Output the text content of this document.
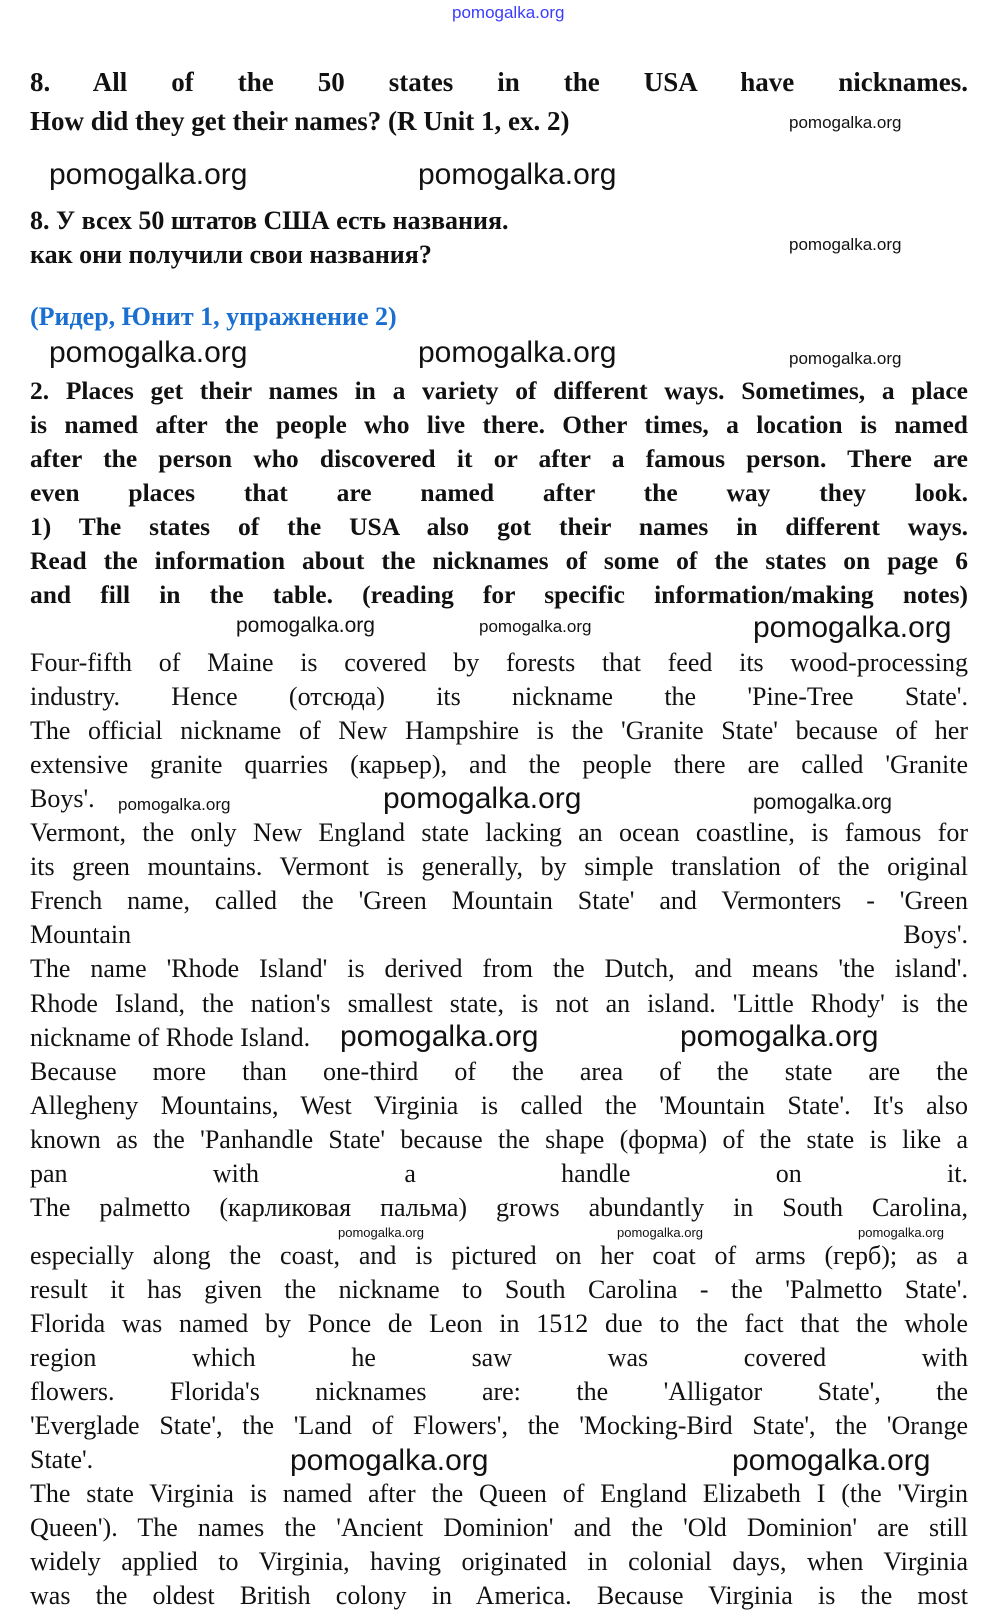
pomogalka.org
8. All of the 50 states in the USA have nicknames.
How did they get their names? (R Unit 1, ex. 2)
8. У всех 50 штатов США есть названия.
как они получили свои названия?
(Ридер, Юнит 1, упражнение 2)
2. Places get their names in a variety of different ways. Sometimes, a place
is named after the people who live there. Other times, a location is named
after the person who discovered it or after a famous person. There are
even places that are named after the way they look.
1) The states of the USA also got their names in different ways.
Read the information about the nicknames of some of the states on page 6
and fill in the table. (reading for specific information/making notes)
Four-fifth of Maine is covered by forests that feed its wood-processing
industry. Hence (отсюда) its nickname the 'Pine-Tree State'.
The official nickname of New Hampshire is the 'Granite State' because of her
extensive granite quarries (карьер), and the people there are called 'Granite
Boys'.
Vermont, the only New England state lacking an ocean coastline, is famous for
its green mountains. Vermont is generally, by simple translation of the original
French name, called the 'Green Mountain State' and Vermonters - 'Green
Mountain Boys'.
The name 'Rhode Island' is derived from the Dutch, and means 'the island'.
Rhode Island, the nation's smallest state, is not an island. 'Little Rhody' is the
nickname of Rhode Island.
Because more than one-third of the area of the state are the
Allegheny Mountains, West Virginia is called the 'Mountain State'. It's also
known as the 'Panhandle State' because the shape (форма) of the state is like a
pan with a handle on it.
The palmetto (карликовая пальма) grows abundantly in South Carolina,
especially along the coast, and is pictured on her coat of arms (герб); as a
result it has given the nickname to South Carolina - the 'Palmetto State'.
Florida was named by Ponce de Leon in 1512 due to the fact that the whole
region which he saw was covered with
flowers. Florida's nicknames are: the 'Alligator State', the
'Everglade State', the 'Land of Flowers', the 'Mocking-Bird State', the 'Orange
State'.
The state Virginia is named after the Queen of England Elizabeth I (the 'Virgin
Queen'). The names the 'Ancient Dominion' and the 'Old Dominion' are still
widely applied to Virginia, having originated in colonial days, when Virginia
was the oldest British colony in America. Because Virginia is the most
pomogalka.org
pomogalka.org	pomogalka.org
pomogalka.org
pomogalka.org	pomogalka.org	pomogalka.org
pomogalka.org	pomogalka.org	pomogalka.org
pomogalka.org	pomogalka.org	pomogalka.org
pomogalka.org	pomogalka.org
pomogalka.org	pomogalka.org	pomogalka.org
pomogalka.org	pomogalka.org
